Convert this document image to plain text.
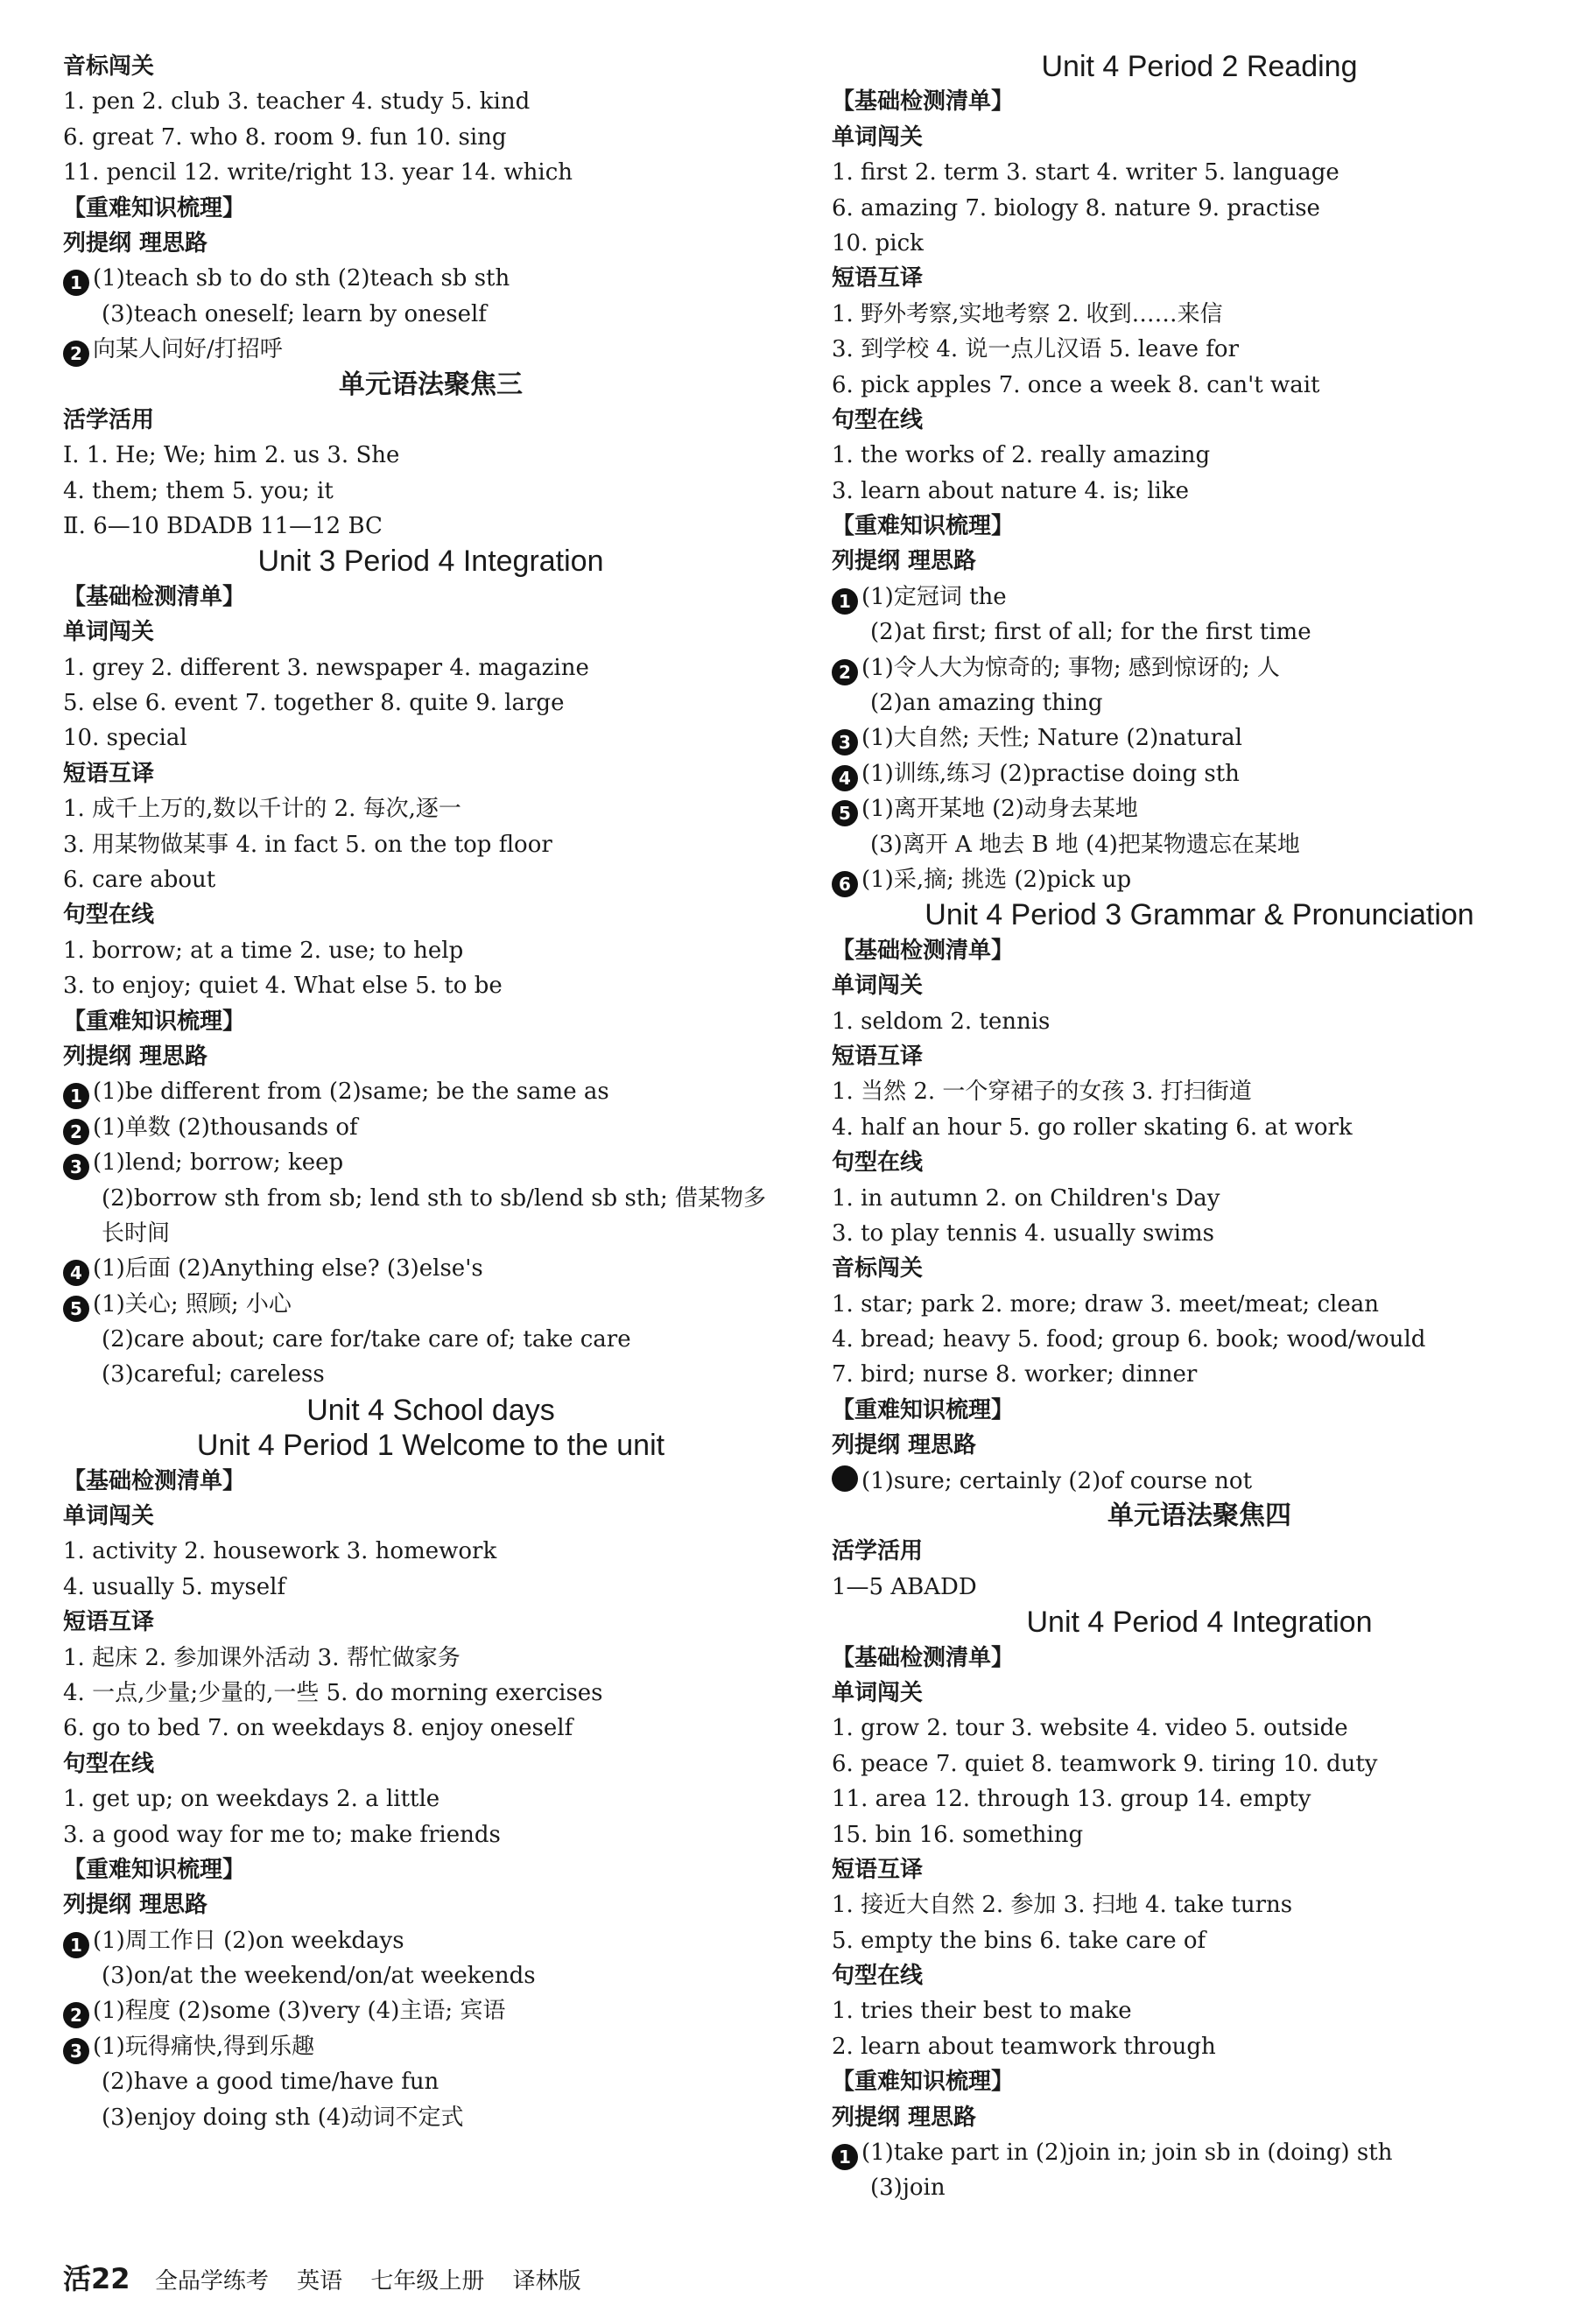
音标闯关
1. pen 2. club 3. teacher 4. study 5. kind
6. great 7. who 8. room 9. fun 10. sing
11. pencil 12. write/right 13. year 14. which
【重难知识梳理】
列提纲 理思路
1 (1)teach sb to do sth (2)teach sb sth
(3)teach oneself; learn by oneself
2 向某人问好/打招呼
单元语法聚焦三
活学活用
Ⅰ. 1. He; We; him 2. us 3. She
4. them; them 5. you; it
Ⅱ. 6—10 BDADB 11—12 BC
Unit 3 Period 4 Integration
【基础检测清单】
单词闯关
1. grey 2. different 3. newspaper 4. magazine
5. else 6. event 7. together 8. quite 9. large
10. special
短语互译
1. 成千上万的,数以千计的 2. 每次,逐一
3. 用某物做某事 4. in fact 5. on the top floor
6. care about
句型在线
1. borrow; at a time 2. use; to help
3. to enjoy; quiet 4. What else 5. to be
【重难知识梳理】
列提纲 理思路
1 (1)be different from (2)same; be the same as
2 (1)单数 (2)thousands of
3 (1)lend; borrow; keep
(2)borrow sth from sb; lend sth to sb/lend sb sth; 借某物多
长时间
4 (1)后面 (2)Anything else? (3)else's
5 (1)关心; 照顾; 小心
(2)care about; care for/take care of; take care
(3)careful; careless
Unit 4 School days
Unit 4 Period 1 Welcome to the unit
【基础检测清单】
单词闯关
1. activity 2. housework 3. homework
4. usually 5. myself
短语互译
1. 起床 2. 参加课外活动 3. 帮忙做家务
4. 一点,少量;少量的,一些 5. do morning exercises
6. go to bed 7. on weekdays 8. enjoy oneself
句型在线
1. get up; on weekdays 2. a little
3. a good way for me to; make friends
【重难知识梳理】
列提纲 理思路
1 (1)周工作日 (2)on weekdays
(3)on/at the weekend/on/at weekends
2 (1)程度 (2)some (3)very (4)主语; 宾语
3 (1)玩得痛快,得到乐趣
(2)have a good time/have fun
(3)enjoy doing sth (4)动词不定式
Unit 4 Period 2 Reading
【基础检测清单】
单词闯关
1. first 2. term 3. start 4. writer 5. language
6. amazing 7. biology 8. nature 9. practise
10. pick
短语互译
1. 野外考察,实地考察 2. 收到……来信
3. 到学校 4. 说一点儿汉语 5. leave for
6. pick apples 7. once a week 8. can't wait
句型在线
1. the works of 2. really amazing
3. learn about nature 4. is; like
【重难知识梳理】
列提纲 理思路
1 (1)定冠词 the
(2)at first; first of all; for the first time
2 (1)令人大为惊奇的; 事物; 感到惊讶的; 人
(2)an amazing thing
3 (1)大自然; 天性; Nature (2)natural
4 (1)训练,练习 (2)practise doing sth
5 (1)离开某地 (2)动身去某地
(3)离开 A 地去 B 地 (4)把某物遗忘在某地
6 (1)采,摘; 挑选 (2)pick up
Unit 4 Period 3 Grammar & Pronunciation
【基础检测清单】
单词闯关
1. seldom 2. tennis
短语互译
1. 当然 2. 一个穿裙子的女孩 3. 打扫街道
4. half an hour 5. go roller skating 6. at work
句型在线
1. in autumn 2. on Children's Day
3. to play tennis 4. usually swims
音标闯关
1. star; park 2. more; draw 3. meet/meat; clean
4. bread; heavy 5. food; group 6. book; wood/would
7. bird; nurse 8. worker; dinner
【重难知识梳理】
列提纲 理思路
(1)sure; certainly (2)of course not
单元语法聚焦四
活学活用
1—5 ABADD
Unit 4 Period 4 Integration
【基础检测清单】
单词闯关
1. grow 2. tour 3. website 4. video 5. outside
6. peace 7. quiet 8. teamwork 9. tiring 10. duty
11. area 12. through 13. group 14. empty
15. bin 16. something
短语互译
1. 接近大自然 2. 参加 3. 扫地 4. take turns
5. empty the bins 6. take care of
句型在线
1. tries their best to make
2. learn about teamwork through
【重难知识梳理】
列提纲 理思路
1 (1)take part in (2)join in; join sb in (doing) sth
(3)join
活22 全品学练考 英语 七年级上册 译林版
